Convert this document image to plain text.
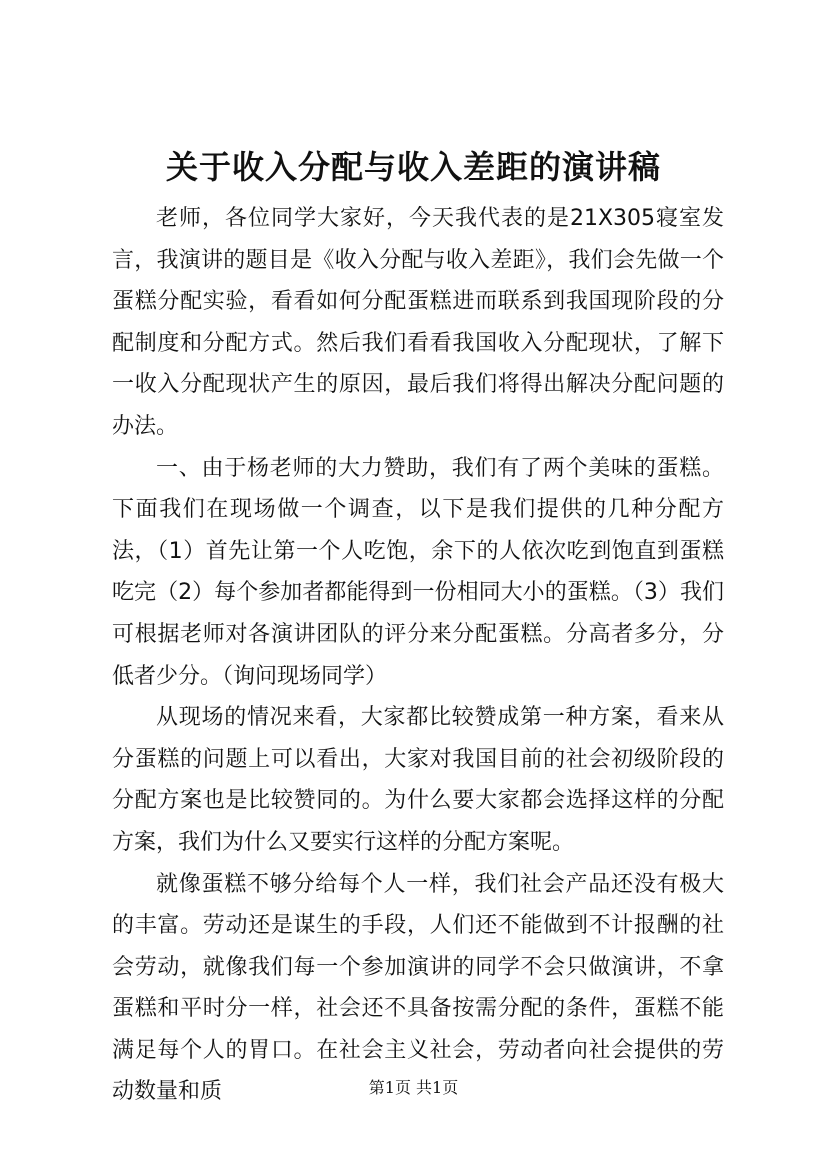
关于收入分配与收入差距的演讲稿

老师，各位同学大家好，今天我代表的是21X305寝室发言，我演讲的题目是《收入分配与收入差距》，我们会先做一个蛋糕分配实验，看看如何分配蛋糕进而联系到我国现阶段的分配制度和分配方式。然后我们看看我国收入分配现状，了解下一收入分配现状产生的原因，最后我们将得出解决分配问题的办法。

一、由于杨老师的大力赞助，我们有了两个美味的蛋糕。下面我们在现场做一个调查，以下是我们提供的几种分配方法，（1）首先让第一个人吃饱，余下的人依次吃到饱直到蛋糕吃完（2）每个参加者都能得到一份相同大小的蛋糕。（3）我们可根据老师对各演讲团队的评分来分配蛋糕。分高者多分，分低者少分。（询问现场同学）

从现场的情况来看，大家都比较赞成第一种方案，看来从分蛋糕的问题上可以看出，大家对我国目前的社会初级阶段的分配方案也是比较赞同的。为什么要大家都会选择这样的分配方案，我们为什么又要实行这样的分配方案呢。

就像蛋糕不够分给每个人一样，我们社会产品还没有极大的丰富。劳动还是谋生的手段，人们还不能做到不计报酬的社会劳动，就像我们每一个参加演讲的同学不会只做演讲，不拿蛋糕和平时分一样，社会还不具备按需分配的条件，蛋糕不能满足每个人的胃口。在社会主义社会，劳动者向社会提供的劳动数量和质	第1页 共1页
